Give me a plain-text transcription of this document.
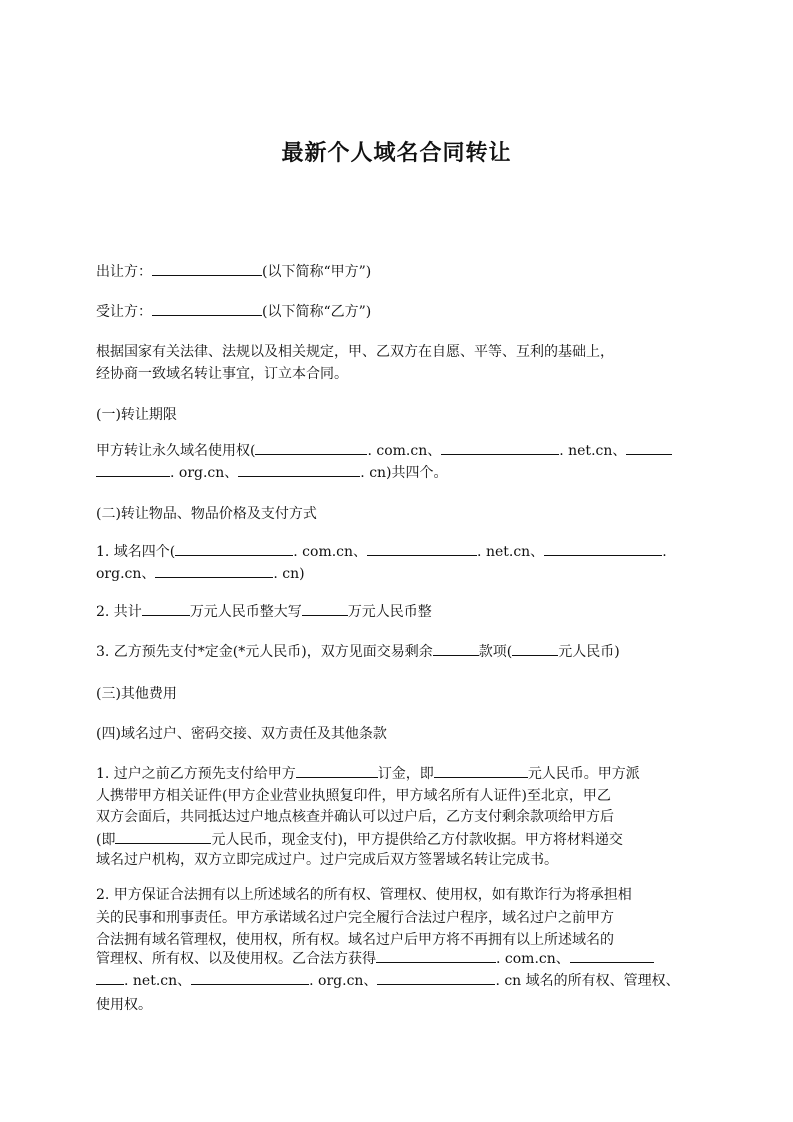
最新个人域名合同转让
出让方：	(以下简称“甲方”)
受让方：	(以下简称“乙方”)
根据国家有关法律、法规以及相关规定，甲、乙双方在自愿、平等、互利的基础上，
经协商一致域名转让事宜，订立本合同。
(一)转让期限
甲方转让永久域名使用权(	. com.cn、	. net.cn、
. org.cn、	. cn)共四个。
(二)转让物品、物品价格及支付方式
1. 域名四个(	. com.cn、	. net.cn、	.
org.cn、	. cn)
2. 共计	万元人民币整大写	万元人民币整
3. 乙方预先支付*定金(*元人民币)，双方见面交易剩余	款项(	元人民币)
(三)其他费用
(四)域名过户、密码交接、双方责任及其他条款
1. 过户之前乙方预先支付给甲方	订金，即	元人民币。甲方派
人携带甲方相关证件(甲方企业营业执照复印件，甲方域名所有人证件)至北京，甲乙
双方会面后，共同抵达过户地点核查并确认可以过户后，乙方支付剩余款项给甲方后
(即	元人民币，现金支付)，甲方提供给乙方付款收据。甲方将材料递交
域名过户机构，双方立即完成过户。过户完成后双方签署域名转让完成书。
2. 甲方保证合法拥有以上所述域名的所有权、管理权、使用权，如有欺诈行为将承担相
关的民事和刑事责任。甲方承诺域名过户完全履行合法过户程序，域名过户之前甲方
合法拥有域名管理权，使用权，所有权。域名过户后甲方将不再拥有以上所述域名的
管理权、所有权、以及使用权。乙合法方获得	. com.cn、
. net.cn、	. org.cn、	. cn 域名的所有权、管理权、
使用权。
